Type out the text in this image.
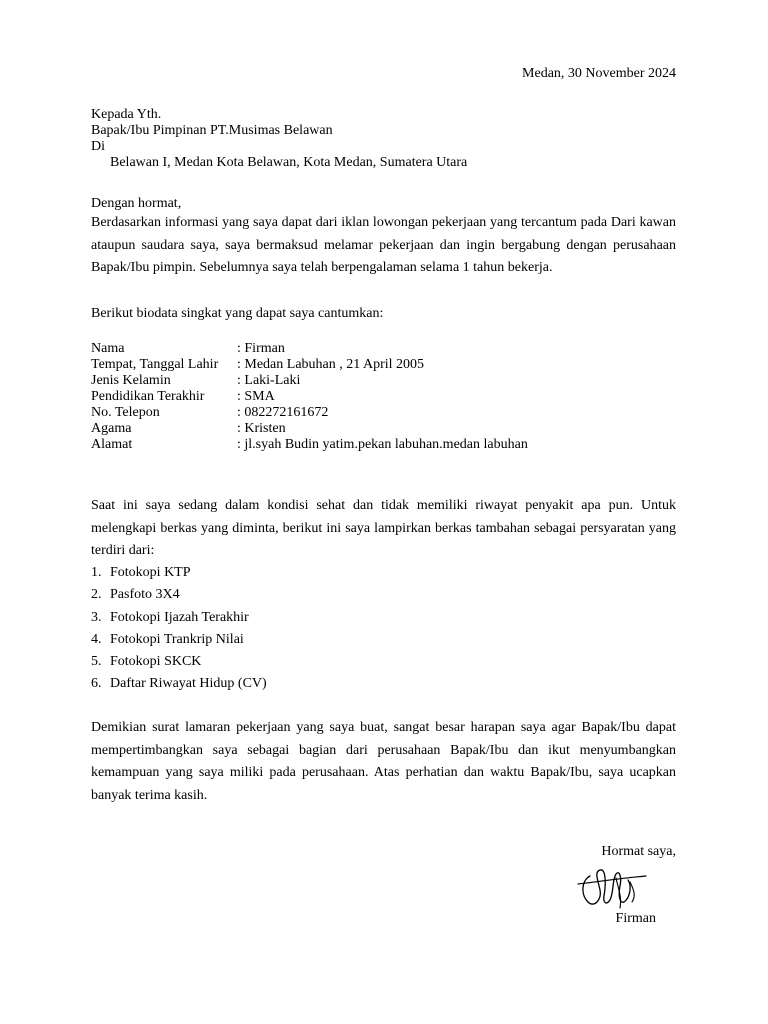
Medan, 30 November 2024
Kepada Yth.
Bapak/Ibu Pimpinan PT.Musimas Belawan
Di
Belawan I, Medan Kota Belawan, Kota Medan, Sumatera Utara
Dengan hormat,
Berdasarkan informasi yang saya dapat dari iklan lowongan pekerjaan yang tercantum pada Dari kawan ataupun saudara saya, saya bermaksud melamar pekerjaan dan ingin bergabung dengan perusahaan Bapak/Ibu pimpin. Sebelumnya saya telah berpengalaman selama 1 tahun bekerja.
Berikut biodata singkat yang dapat saya cantumkan:
Nama	: Firman
Tempat, Tanggal Lahir	: Medan Labuhan , 21 April 2005
Jenis Kelamin	: Laki-Laki
Pendidikan Terakhir	: SMA
No. Telepon	: 082272161672
Agama	: Kristen
Alamat	: jl.syah Budin yatim.pekan labuhan.medan labuhan
Saat ini saya sedang dalam kondisi sehat dan tidak memiliki riwayat penyakit apa pun. Untuk melengkapi berkas yang diminta, berikut ini saya lampirkan berkas tambahan sebagai persyaratan yang terdiri dari:
1. Fotokopi KTP
2. Pasfoto 3X4
3. Fotokopi Ijazah Terakhir
4. Fotokopi Trankrip Nilai
5. Fotokopi SKCK
6. Daftar Riwayat Hidup (CV)
Demikian surat lamaran pekerjaan yang saya buat, sangat besar harapan saya agar Bapak/Ibu dapat mempertimbangkan saya sebagai bagian dari perusahaan Bapak/Ibu dan ikut menyumbangkan kemampuan yang saya miliki pada perusahaan. Atas perhatian dan waktu Bapak/Ibu, saya ucapkan banyak terima kasih.
Hormat saya,
Firman
